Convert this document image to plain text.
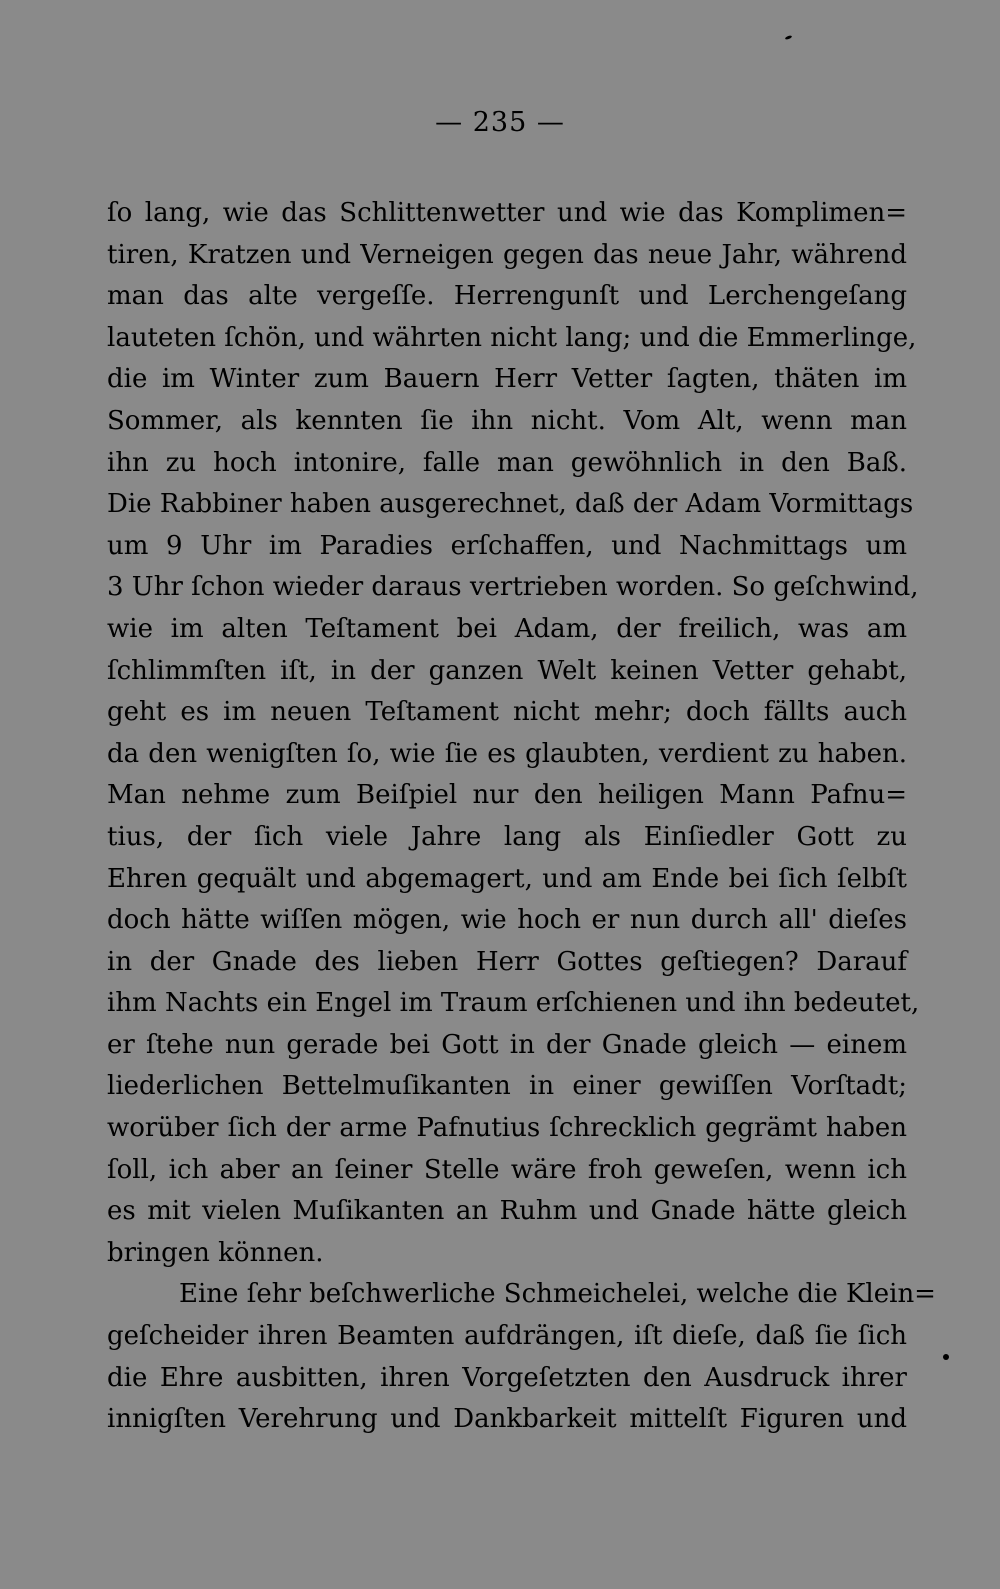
— 235 —
ſo lang, wie das Schlittenwetter und wie das Komplimen=
tiren, Kratzen und Verneigen gegen das neue Jahr, während
man das alte vergeſſe. Herrengunſt und Lerchengeſang
lauteten ſchön, und währten nicht lang; und die Emmerlinge,
die im Winter zum Bauern Herr Vetter ſagten, thäten im
Sommer, als kennten ſie ihn nicht. Vom Alt, wenn man
ihn zu hoch intonire, falle man gewöhnlich in den Baß.
Die Rabbiner haben ausgerechnet, daß der Adam Vormittags
um 9 Uhr im Paradies erſchaffen, und Nachmittags um
3 Uhr ſchon wieder daraus vertrieben worden. So geſchwind,
wie im alten Teſtament bei Adam, der freilich, was am
ſchlimmſten iſt, in der ganzen Welt keinen Vetter gehabt,
geht es im neuen Teſtament nicht mehr; doch fällts auch
da den wenigſten ſo, wie ſie es glaubten, verdient zu haben.
Man nehme zum Beiſpiel nur den heiligen Mann Pafnu=
tius, der ſich viele Jahre lang als Einſiedler Gott zu
Ehren gequält und abgemagert, und am Ende bei ſich ſelbſt
doch hätte wiſſen mögen, wie hoch er nun durch all' dieſes
in der Gnade des lieben Herr Gottes geſtiegen? Darauf
ihm Nachts ein Engel im Traum erſchienen und ihn bedeutet,
er ſtehe nun gerade bei Gott in der Gnade gleich — einem
liederlichen Bettelmuſikanten in einer gewiſſen Vorſtadt;
worüber ſich der arme Pafnutius ſchrecklich gegrämt haben
ſoll, ich aber an ſeiner Stelle wäre froh geweſen, wenn ich
es mit vielen Muſikanten an Ruhm und Gnade hätte gleich
bringen können.
Eine ſehr beſchwerliche Schmeichelei, welche die Klein=
geſcheider ihren Beamten aufdrängen, iſt dieſe, daß ſie ſich
die Ehre ausbitten, ihren Vorgeſetzten den Ausdruck ihrer
innigſten Verehrung und Dankbarkeit mittelſt Figuren und
